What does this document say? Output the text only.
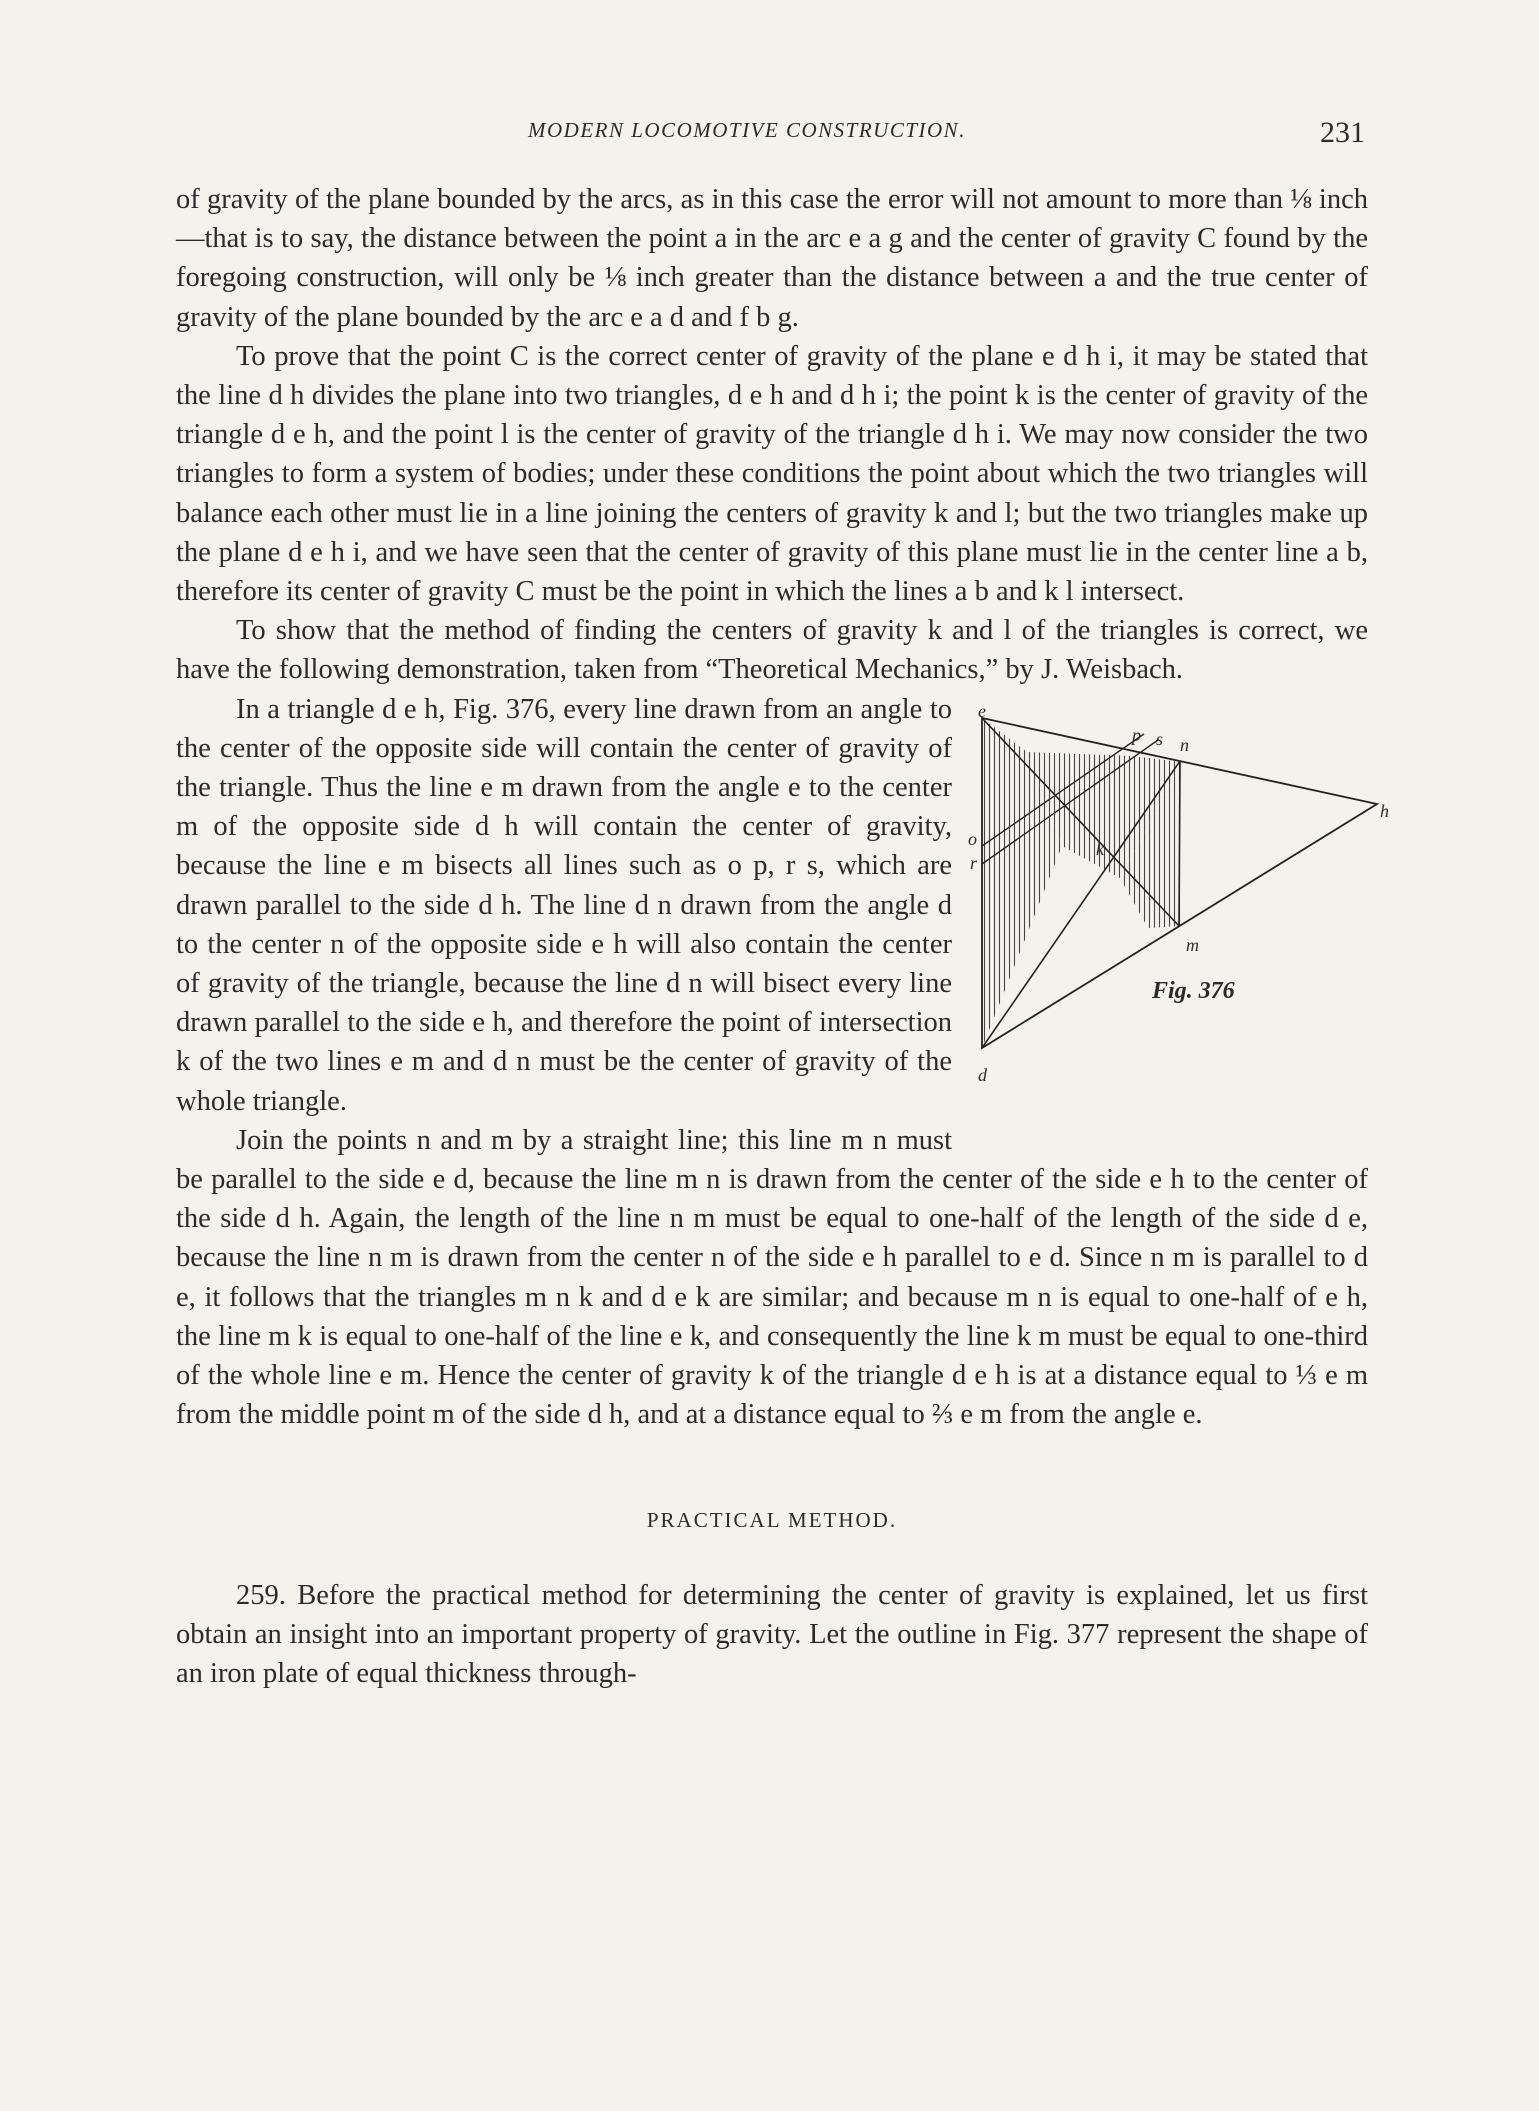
MODERN LOCOMOTIVE CONSTRUCTION.	231

of gravity of the plane bounded by the arcs, as in this case the error will not amount to more than ⅛ inch—that is to say, the distance between the point a in the arc e a g and the center of gravity C found by the foregoing construction, will only be ⅛ inch greater than the distance between a and the true center of gravity of the plane bounded by the arc e a d and f b g.

To prove that the point C is the correct center of gravity of the plane e d h i, it may be stated that the line d h divides the plane into two triangles, d e h and d h i; the point k is the center of gravity of the triangle d e h, and the point l is the center of gravity of the triangle d h i. We may now consider the two triangles to form a system of bodies; under these conditions the point about which the two triangles will balance each other must lie in a line joining the centers of gravity k and l; but the two triangles make up the plane d e h i, and we have seen that the center of gravity of this plane must lie in the center line a b, therefore its center of gravity C must be the point in which the lines a b and k l intersect.

To show that the method of finding the centers of gravity k and l of the triangles is correct, we have the following demonstration, taken from “Theoretical Mechanics,” by J. Weisbach.

e
p s n
h
o
r
k
m
d
Fig. 376

In a triangle d e h, Fig. 376, every line drawn from an angle to the center of the opposite side will contain the center of gravity of the triangle. Thus the line e m drawn from the angle e to the center m of the opposite side d h will contain the center of gravity, because the line e m bisects all lines such as o p, r s, which are drawn parallel to the side d h. The line d n drawn from the angle d to the center n of the opposite side e h will also contain the center of gravity of the triangle, because the line d n will bisect every line drawn parallel to the side e h, and therefore the point of intersection k of the two lines e m and d n must be the center of gravity of the whole triangle.

Join the points n and m by a straight line; this line m n must be parallel to the side e d, because the line m n is drawn from the center of the side e h to the center of the side d h. Again, the length of the line n m must be equal to one-half of the length of the side d e, because the line n m is drawn from the center n of the side e h parallel to e d. Since n m is parallel to d e, it follows that the triangles m n k and d e k are similar; and because m n is equal to one-half of e h, the line m k is equal to one-half of the line e k, and consequently the line k m must be equal to one-third of the whole line e m. Hence the center of gravity k of the triangle d e h is at a distance equal to ⅓ e m from the middle point m of the side d h, and at a distance equal to ⅔ e m from the angle e.

PRACTICAL METHOD.

259. Before the practical method for determining the center of gravity is explained, let us first obtain an insight into an important property of gravity. Let the outline in Fig. 377 represent the shape of an iron plate of equal thickness through-
